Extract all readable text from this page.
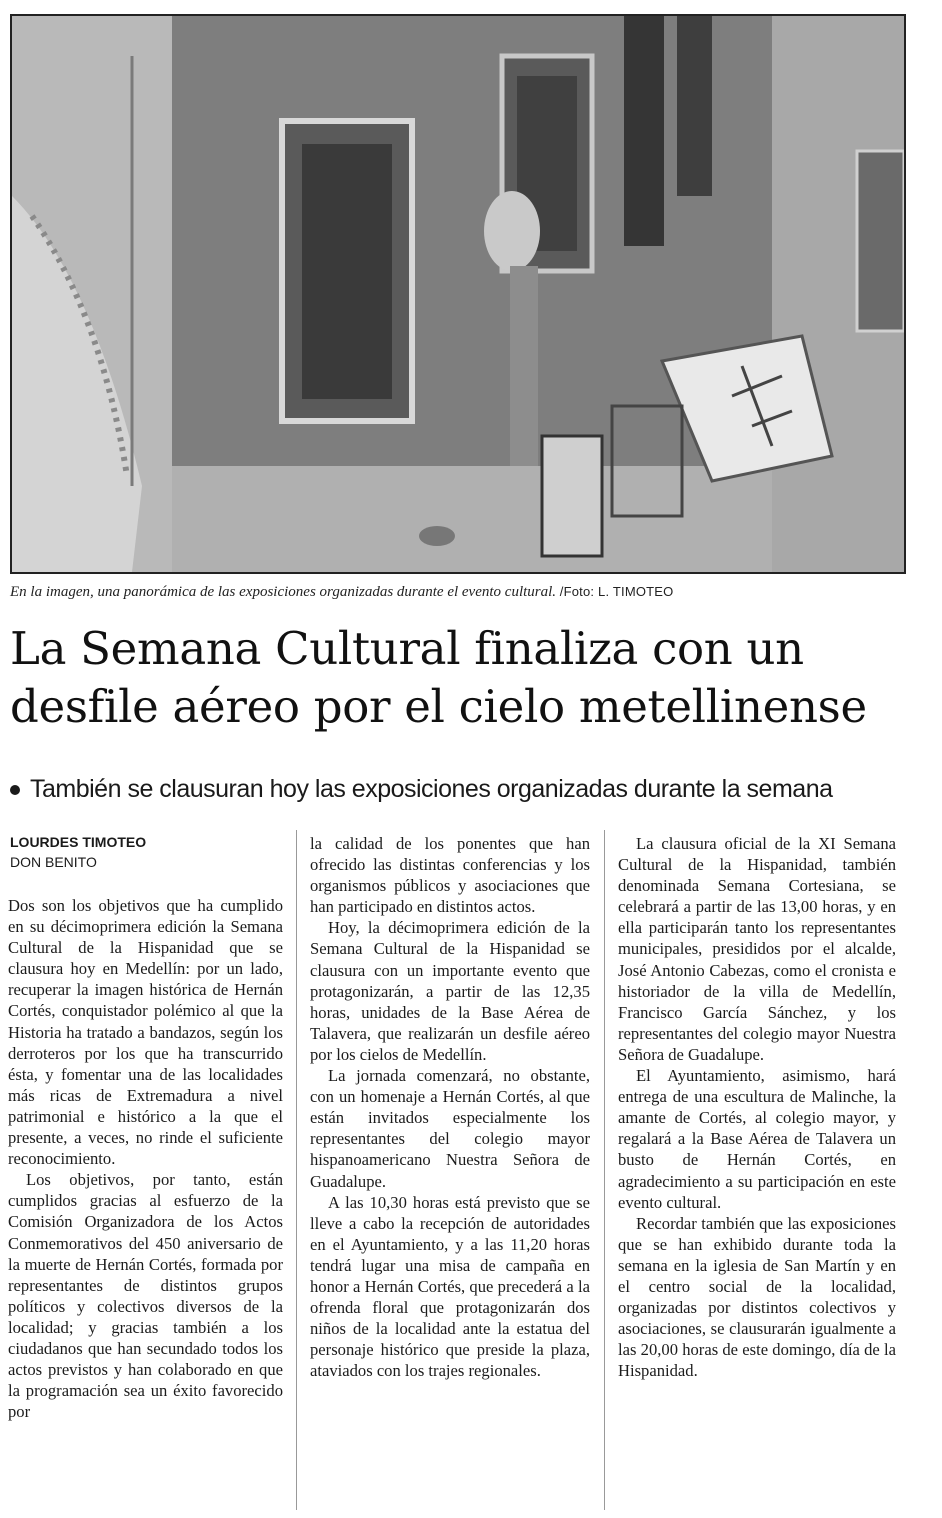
En la imagen, una panorámica de las exposiciones organizadas durante el evento cultural. /Foto: L. TIMOTEO
La Semana Cultural finaliza con un desfile aéreo por el cielo metellinense
También se clausuran hoy las exposiciones organizadas durante la semana
LOURDES TIMOTEO
DON BENITO

Dos son los objetivos que ha cumplido en su décimoprimera edición la Semana Cultural de la Hispanidad que se clausura hoy en Medellín: por un lado, recuperar la imagen histórica de Hernán Cortés, conquistador polémico al que la Historia ha tratado a bandazos, según los derroteros por los que ha transcurrido ésta, y fomentar una de las localidades más ricas de Extremadura a nivel patrimonial e histórico a la que el presente, a veces, no rinde el suficiente reconocimiento.

Los objetivos, por tanto, están cumplidos gracias al esfuerzo de la Comisión Organizadora de los Actos Conmemorativos del 450 aniversario de la muerte de Hernán Cortés, formada por representantes de distintos grupos políticos y colectivos diversos de la localidad; y gracias también a los ciudadanos que han secundado todos los actos previstos y han colaborado en que la programación sea un éxito favorecido por

la calidad de los ponentes que han ofrecido las distintas conferencias y los organismos públicos y asociaciones que han participado en distintos actos.

Hoy, la décimoprimera edición de la Semana Cultural de la Hispanidad se clausura con un importante evento que protagonizarán, a partir de las 12,35 horas, unidades de la Base Aérea de Talavera, que realizarán un desfile aéreo por los cielos de Medellín.

La jornada comenzará, no obstante, con un homenaje a Hernán Cortés, al que están invitados especialmente los representantes del colegio mayor hispanoamericano Nuestra Señora de Guadalupe.

A las 10,30 horas está previsto que se lleve a cabo la recepción de autoridades en el Ayuntamiento, y a las 11,20 horas tendrá lugar una misa de campaña en honor a Hernán Cortés, que precederá a la ofrenda floral que protagonizarán dos niños de la localidad ante la estatua del personaje histórico que preside la plaza, ataviados con los trajes regionales.

La clausura oficial de la XI Semana Cultural de la Hispanidad, también denominada Semana Cortesiana, se celebrará a partir de las 13,00 horas, y en ella participarán tanto los representantes municipales, presididos por el alcalde, José Antonio Cabezas, como el cronista e historiador de la villa de Medellín, Francisco García Sánchez, y los representantes del colegio mayor Nuestra Señora de Guadalupe.

El Ayuntamiento, asimismo, hará entrega de una escultura de Malinche, la amante de Cortés, al colegio mayor, y regalará a la Base Aérea de Talavera un busto de Hernán Cortés, en agradecimiento a su participación en este evento cultural.

Recordar también que las exposiciones que se han exhibido durante toda la semana en la iglesia de San Martín y en el centro social de la localidad, organizadas por distintos colectivos y asociaciones, se clausurarán igualmente a las 20,00 horas de este domingo, día de la Hispanidad.
